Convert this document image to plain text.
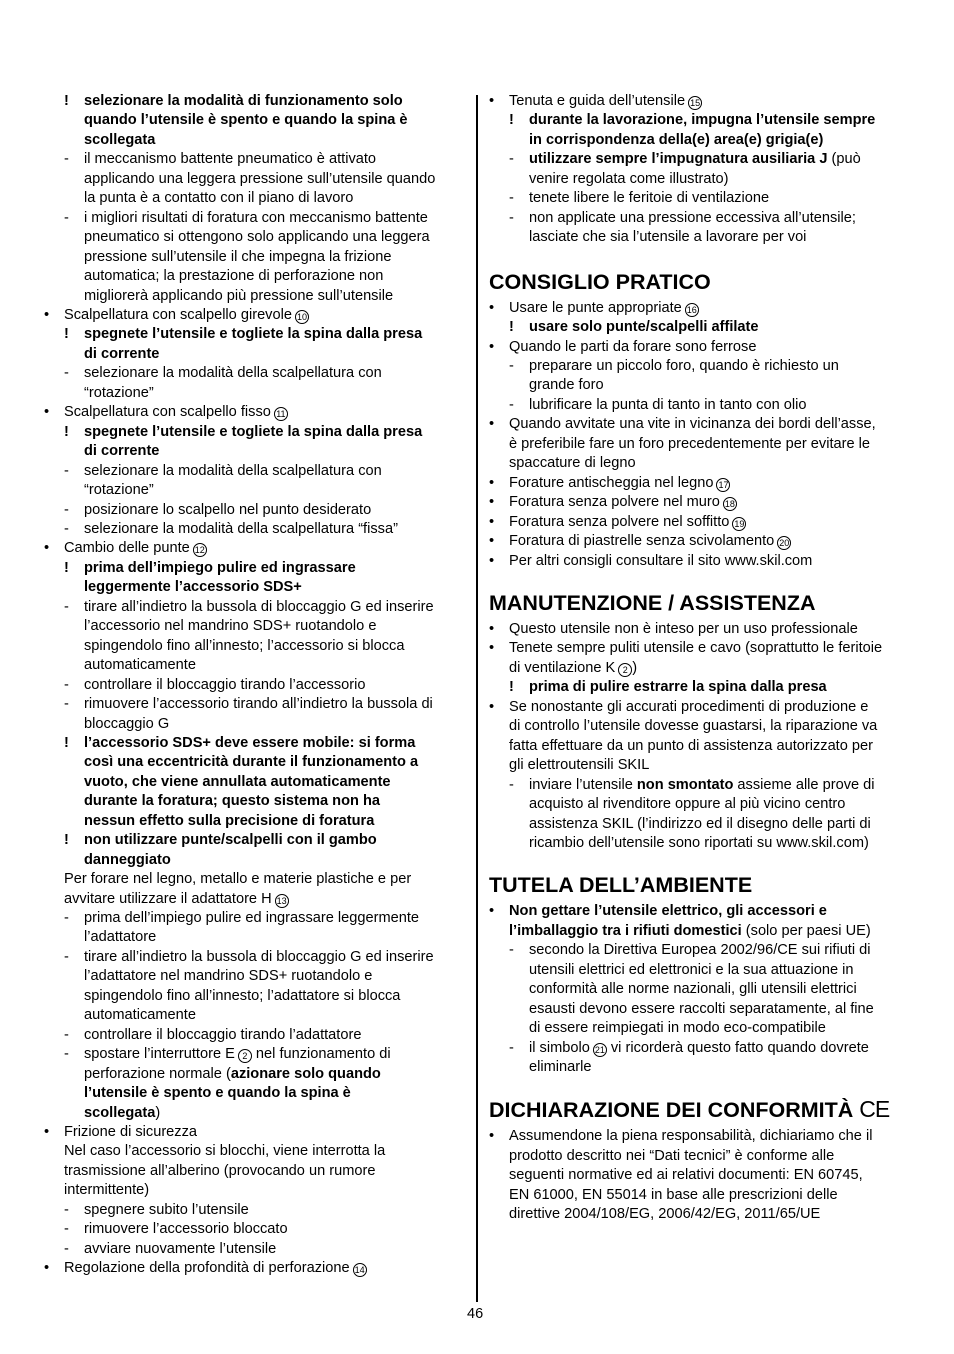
! selezionare la modalità di funzionamento solo
quando l’utensile è spento e quando la spina è
scollegata
- il meccanismo battente pneumatico è attivato
applicando una leggera pressione sull’utensile quando
la punta è a contatto con il piano di lavoro
- i migliori risultati di foratura con meccanismo battente
pneumatico si ottengono solo applicando una leggera
pressione sull’utensile il che impegna la frizione
automatica; la prestazione di perforazione non
migliorerà applicando più pressione sull’utensile
• Scalpellatura con scalpello girevole 10
! spegnete l’utensile e togliete la spina dalla presa
di corrente
- selezionare la modalità della scalpellatura con
“rotazione”
• Scalpellatura con scalpello fisso 11
! spegnete l’utensile e togliete la spina dalla presa
di corrente
- selezionare la modalità della scalpellatura con
“rotazione”
- posizionare lo scalpello nel punto desiderato
- selezionare la modalità della scalpellatura “fissa”
• Cambio delle punte 12
! prima dell’impiego pulire ed ingrassare
leggermente l’accessorio SDS+
- tirare all’indietro la bussola di bloccaggio G ed inserire
l’accessorio nel mandrino SDS+ ruotandolo e
spingendolo fino all’innesto; l’accessorio si blocca
automaticamente
- controllare il bloccaggio tirando l’accessorio
- rimuovere l’accessorio tirando all’indietro la bussola di
bloccaggio G
! l’accessorio SDS+ deve essere mobile: si forma
così una eccentricità durante il funzionamento a
vuoto, che viene annullata automaticamente
durante la foratura; questo sistema non ha
nessun effetto sulla precisione di foratura
! non utilizzare punte/scalpelli con il gambo
danneggiato
Per forare nel legno, metallo e materie plastiche e per
avvitare utilizzare il adattatore H 13
- prima dell’impiego pulire ed ingrassare leggermente
l’adattatore
- tirare all’indietro la bussola di bloccaggio G ed inserire
l’adattatore nel mandrino SDS+ ruotandolo e
spingendolo fino all’innesto; l’adattatore si blocca
automaticamente
- controllare il bloccaggio tirando l’adattatore
- spostare l’interruttore E 2 nel funzionamento di
perforazione normale (azionare solo quando
l’utensile è spento e quando la spina è
scollegata)
• Frizione di sicurezza
Nel caso l’accessorio si blocchi, viene interrotta la
trasmissione all’alberino (provocando un rumore
intermittente)
- spegnere subito l’utensile
- rimuovere l’accessorio bloccato
- avviare nuovamente l’utensile
• Regolazione della profondità di perforazione 14
• Tenuta e guida dell’utensile 15
! durante la lavorazione, impugna l’utensile sempre
in corrispondenza della(e) area(e) grigia(e)
- utilizzare sempre l’impugnatura ausiliaria J (può
venire regolata come illustrato)
- tenete libere le feritoie di ventilazione
- non applicate una pressione eccessiva all’utensile;
lasciate che sia l’utensile a lavorare per voi
CONSIGLIO PRATICO
• Usare le punte appropriate 16
! usare solo punte/scalpelli affilate
• Quando le parti da forare sono ferrose
- preparare un piccolo foro, quando è richiesto un
grande foro
- lubrificare la punta di tanto in tanto con olio
• Quando avvitate una vite in vicinanza dei bordi dell’asse,
è preferibile fare un foro precedentemente per evitare le
spaccature di legno
• Forature antischeggia nel legno 17
• Foratura senza polvere nel muro 18
• Foratura senza polvere nel soffitto 19
• Foratura di piastrelle senza scivolamento 20
• Per altri consigli consultare il sito www.skil.com
MANUTENZIONE / ASSISTENZA
• Questo utensile non è inteso per un uso professionale
• Tenete sempre puliti utensile e cavo (soprattutto le feritoie
di ventilazione K 2 )
! prima di pulire estrarre la spina dalla presa
• Se nonostante gli accurati procedimenti di produzione e
di controllo l’utensile dovesse guastarsi, la riparazione va
fatta effettuare da un punto di assistenza autorizzato per
gli elettroutensili SKIL
- inviare l’utensile non smontato assieme alle prove di
acquisto al rivenditore oppure al più vicino centro
assistenza SKIL (l’indirizzo ed il disegno delle parti di
ricambio dell’utensile sono riportati su www.skil.com)
TUTELA DELL’AMBIENTE
• Non gettare l’utensile elettrico, gli accessori e
l’imballaggio tra i rifiuti domestici (solo per paesi UE)
- secondo la Direttiva Europea 2002/96/CE sui rifiuti di
utensili elettrici ed elettronici e la sua attuazione in
conformità alle norme nazionali, glli utensili elettrici
esausti devono essere raccolti separatamente, al fine
di essere reimpiegati in modo eco-compatibile
- il simbolo 21 vi ricorderà questo fatto quando dovrete
eliminarle
DICHIARAZIONE DEI CONFORMITÀ CE
• Assumendone la piena responsabilità, dichiariamo che il
prodotto descritto nei “Dati tecnici” è conforme alle
seguenti normative ed ai relativi documenti: EN 60745,
EN 61000, EN 55014 in base alle prescrizioni delle
direttive 2004/108/EG, 2006/42/EG, 2011/65/UE
46
